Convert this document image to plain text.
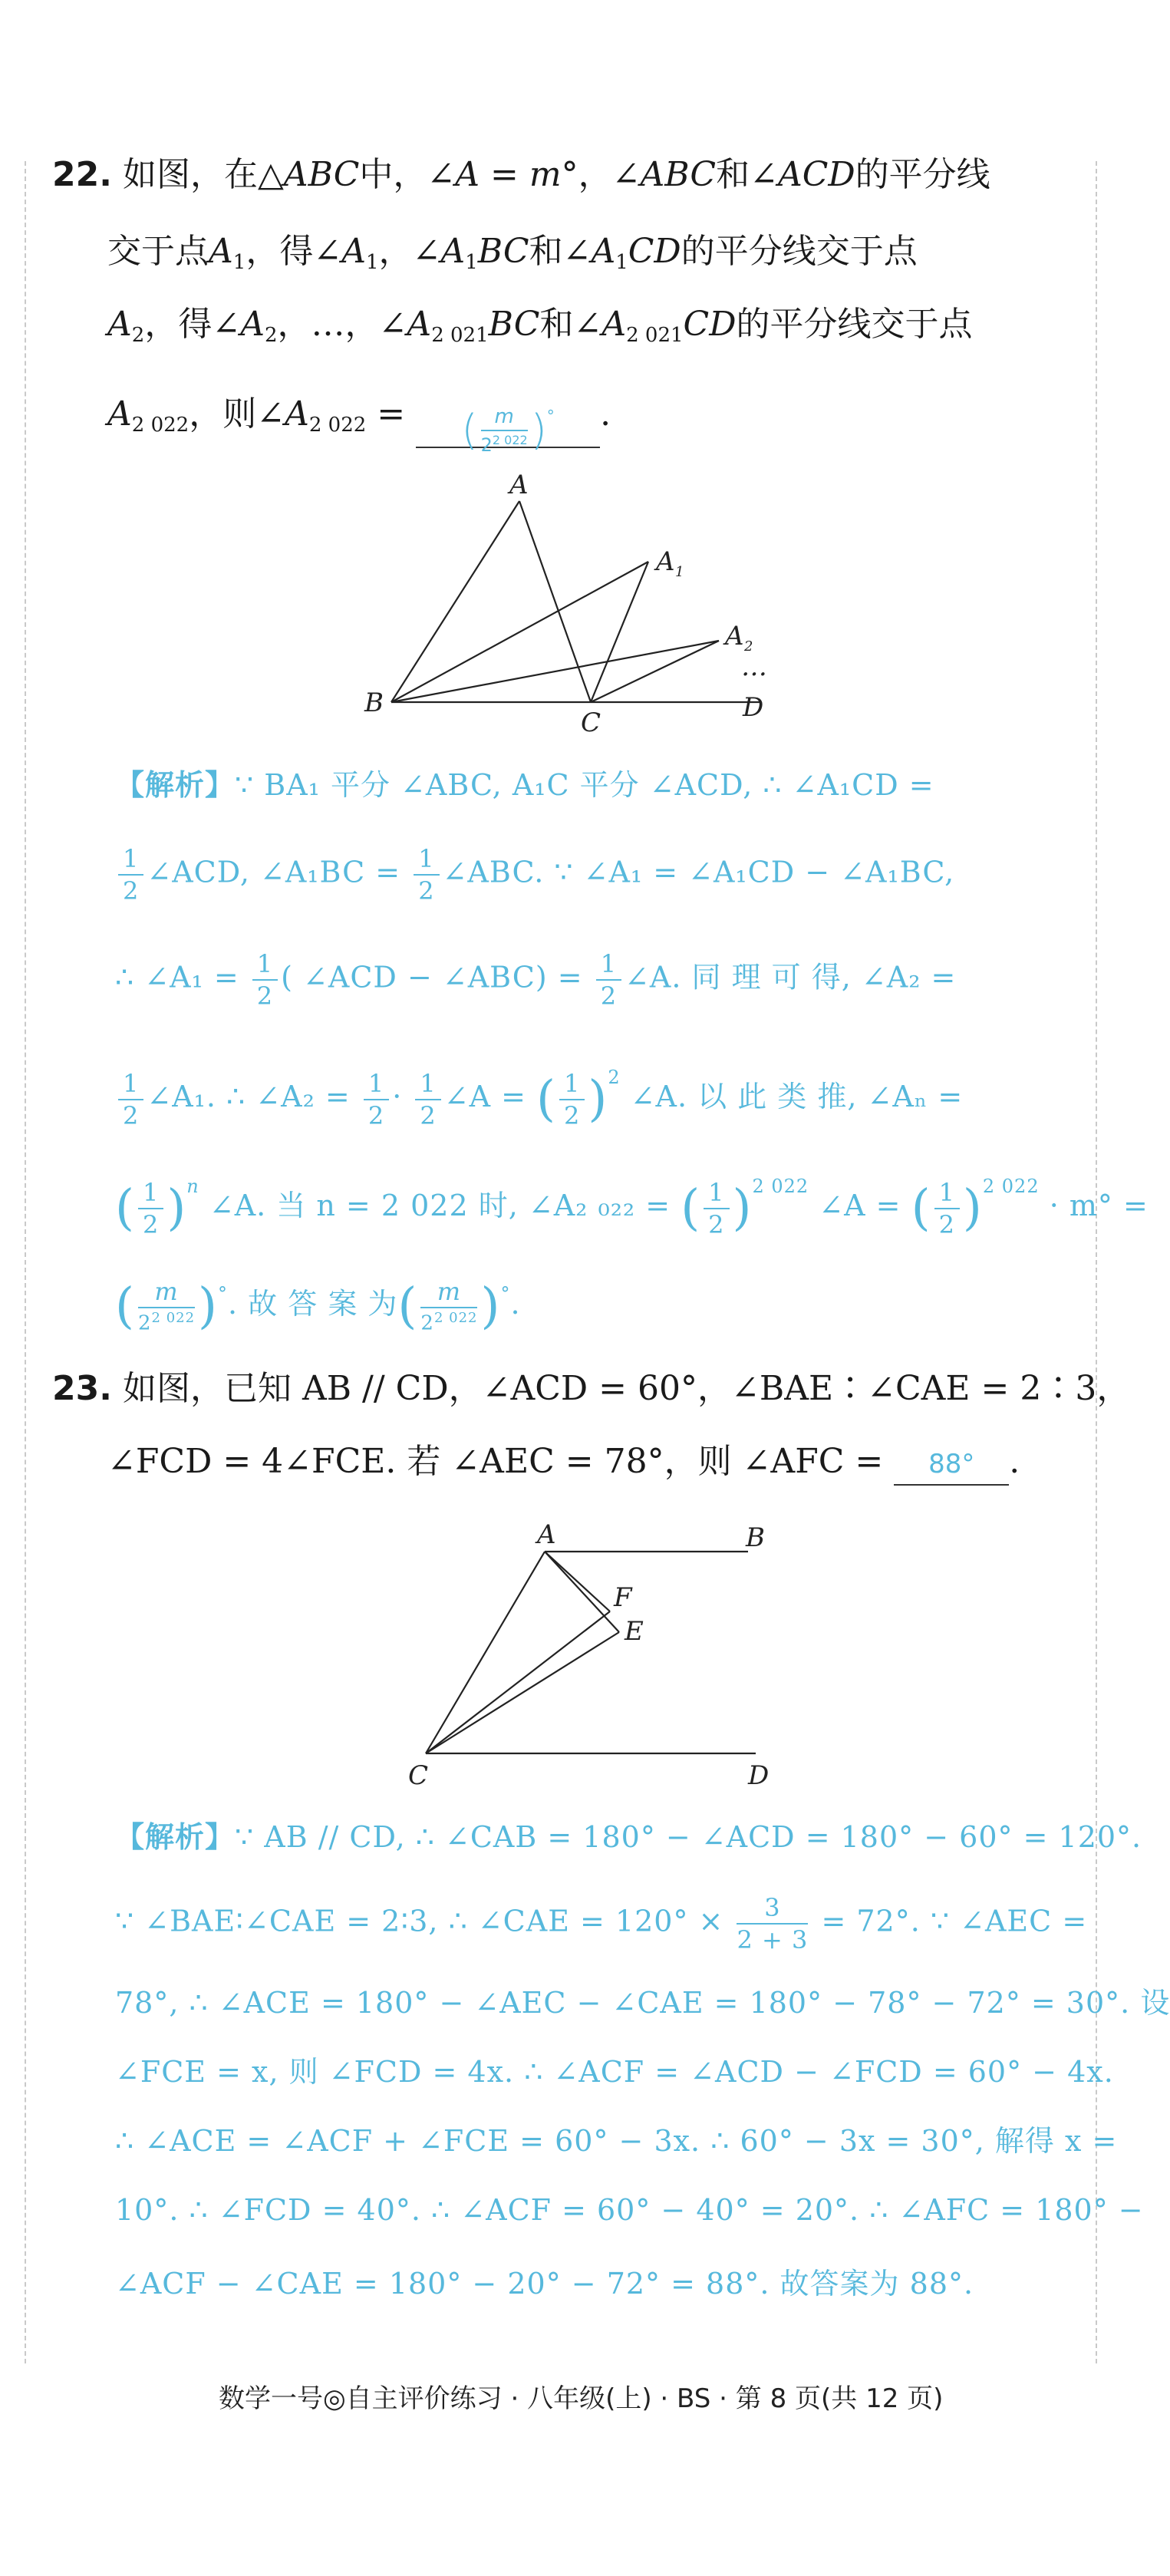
22. 如图，在△ABC中，∠A = m°，∠ABC和∠ACD的平分线
交于点$A_1$，得$\angle A_1$，$\angle A_1BC$和$\angle A_1CD$的平分线交于点
$A_2$，得$\angle A_2$，…，$\angle A_{2 021}BC$和$\angle A_{2 021}CD$的平分线交于点
$A_{2 022}$，则$\angle A_{2 022}$ = ( $\frac{m}{2^{2 022}} )^\circ$ .
A
A 1
A 2
…
B
C	D
【解析】∵ BA₁ 平分 ∠ABC, A₁C 平分 ∠ACD, ∴ ∠A₁CD =
$\frac{1}{2}$ ∠ACD, ∠A₁BC = $\frac{1}{2}$ ∠ABC. ∵ ∠A₁ = ∠A₁CD − ∠A₁BC,
∴ ∠A₁ = $\frac{1}{2}$ ( ∠ACD − ∠ABC) = $\frac{1}{2}$ ∠A. 同 理 可 得, ∠A₂ =
$\frac{1}{2}$ ∠A₁. ∴ ∠A₂ = $\frac{1}{2} \cdot \frac{1}{2}$ ∠A = ( $\frac{1}{2} )^2$ ∠A. 以 此 类 推, ∠Aₙ =
( $\frac{1}{2} )^n$ ∠A. 当 n = 2 022 时, ∠A₂ ₀₂₂ = ( $\frac{1}{2} )^{2 022}$ ∠A = ( $\frac{1}{2} )^{2 022} \cdot m^\circ$ =
( $\frac{m}{2^{2 022}} )^\circ$. 故 答 案 为( $\frac{m}{2^{2 022}} )^\circ$.
23. 如图，已知 AB // CD，∠ACD = 60°，∠BAE∶∠CAE = 2∶3，
∠FCD = 4∠FCE. 若 ∠AEC = 78°，则 ∠AFC = 88° .
A	B
F
E
C	D
【解析】∵ AB // CD, ∴ ∠CAB = 180° − ∠ACD = 180° − 60° = 120°.
∵ ∠BAE∶∠CAE = 2∶3, ∴ ∠CAE = $120^\circ \times \frac{3}{2 + 3} = 72^\circ$. ∵ ∠AEC =
78°, ∴ ∠ACE = 180° − ∠AEC − ∠CAE = 180° − 78° − 72° = 30°. 设
∠FCE = x, 则 ∠FCD = 4x. ∴ ∠ACF = ∠ACD − ∠FCD = 60° − 4x.
∴ ∠ACE = ∠ACF + ∠FCE = 60° − 3x. ∴ 60° − 3x = 30°, 解得 x =
10°. ∴ ∠FCD = 40°. ∴ ∠ACF = 60° − 40° = 20°. ∴ ∠AFC = 180° −
∠ACF − ∠CAE = 180° − 20° − 72° = 88°. 故答案为 88°.
数学一号◎自主评价练习 · 八年级(上) · BS · 第 8 页(共 12 页)
